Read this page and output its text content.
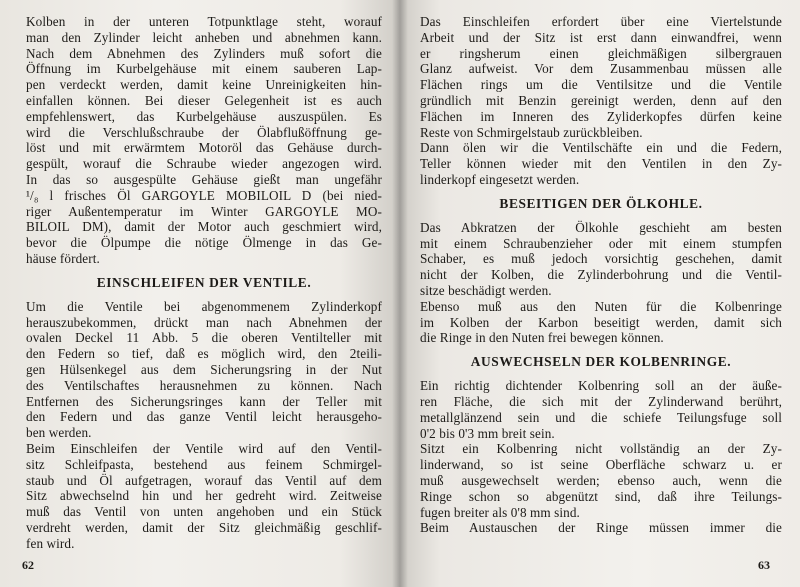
Kolben in der unteren Totpunktlage steht, worauf
man den Zylinder leicht anheben und abnehmen kann.
Nach dem Abnehmen des Zylinders muß sofort die
Öffnung im Kurbelgehäuse mit einem sauberen Lap-
pen verdeckt werden, damit keine Unreinigkeiten hin-
einfallen können. Bei dieser Gelegenheit ist es auch
empfehlenswert, das Kurbelgehäuse auszuspülen. Es
wird die Verschlußschraube der Ölabflußöffnung ge-
löst und mit erwärmtem Motoröl das Gehäuse durch-
gespült, worauf die Schraube wieder angezogen wird.
In das so ausgespülte Gehäuse gießt man ungefähr
¹/₈ l frisches Öl GARGOYLE MOBILOIL D (bei nied-
riger Außentemperatur im Winter GARGOYLE MO-
BILOIL DM), damit der Motor auch geschmiert wird,
bevor die Ölpumpe die nötige Ölmenge in das Ge-
häuse fördert.

EINSCHLEIFEN DER VENTILE.

Um die Ventile bei abgenommenem Zylinderkopf
herauszubekommen, drückt man nach Abnehmen der
ovalen Deckel 11 Abb. 5 die oberen Ventilteller mit
den Federn so tief, daß es möglich wird, den 2teili-
gen Hülsenkegel aus dem Sicherungsring in der Nut
des Ventilschaftes herausnehmen zu können. Nach
Entfernen des Sicherungsringes kann der Teller mit
den Federn und das ganze Ventil leicht herausgeho-
ben werden.

Beim Einschleifen der Ventile wird auf den Ventil-
sitz Schleifpasta, bestehend aus feinem Schmirgel-
staub und Öl aufgetragen, worauf das Ventil auf dem
Sitz abwechselnd hin und her gedreht wird. Zeitweise
muß das Ventil von unten angehoben und ein Stück
verdreht werden, damit der Sitz gleichmäßig geschlif-
fen wird.

62

Das Einschleifen erfordert über eine Viertelstunde
Arbeit und der Sitz ist erst dann einwandfrei, wenn
er ringsherum einen gleichmäßigen silbergrauen
Glanz aufweist. Vor dem Zusammenbau müssen alle
Flächen rings um die Ventilsitze und die Ventile
gründlich mit Benzin gereinigt werden, denn auf den
Flächen im Inneren des Zyliderkopfes dürfen keine
Reste von Schmirgelstaub zurückbleiben.

Dann ölen wir die Ventilschäfte ein und die Federn,
Teller können wieder mit den Ventilen in den Zy-
linderkopf eingesetzt werden.

BESEITIGEN DER ÖLKOHLE.

Das Abkratzen der Ölkohle geschieht am besten
mit einem Schraubenzieher oder mit einem stumpfen
Schaber, es muß jedoch vorsichtig geschehen, damit
nicht der Kolben, die Zylinderbohrung und die Ventil-
sitze beschädigt werden.

Ebenso muß aus den Nuten für die Kolbenringe
im Kolben der Karbon beseitigt werden, damit sich
die Ringe in den Nuten frei bewegen können.

AUSWECHSELN DER KOLBENRINGE.

Ein richtig dichtender Kolbenring soll an der äuße-
ren Fläche, die sich mit der Zylinderwand berührt,
metallglänzend sein und die schiefe Teilungsfuge soll
0'2 bis 0'3 mm breit sein.

Sitzt ein Kolbenring nicht vollständig an der Zy-
linderwand, so ist seine Oberfläche schwarz u. er
muß ausgewechselt werden; ebenso auch, wenn die
Ringe schon so abgenützt sind, daß ihre Teilungs-
fugen breiter als 0'8 mm sind.

Beim Austauschen der Ringe müssen immer die

63
